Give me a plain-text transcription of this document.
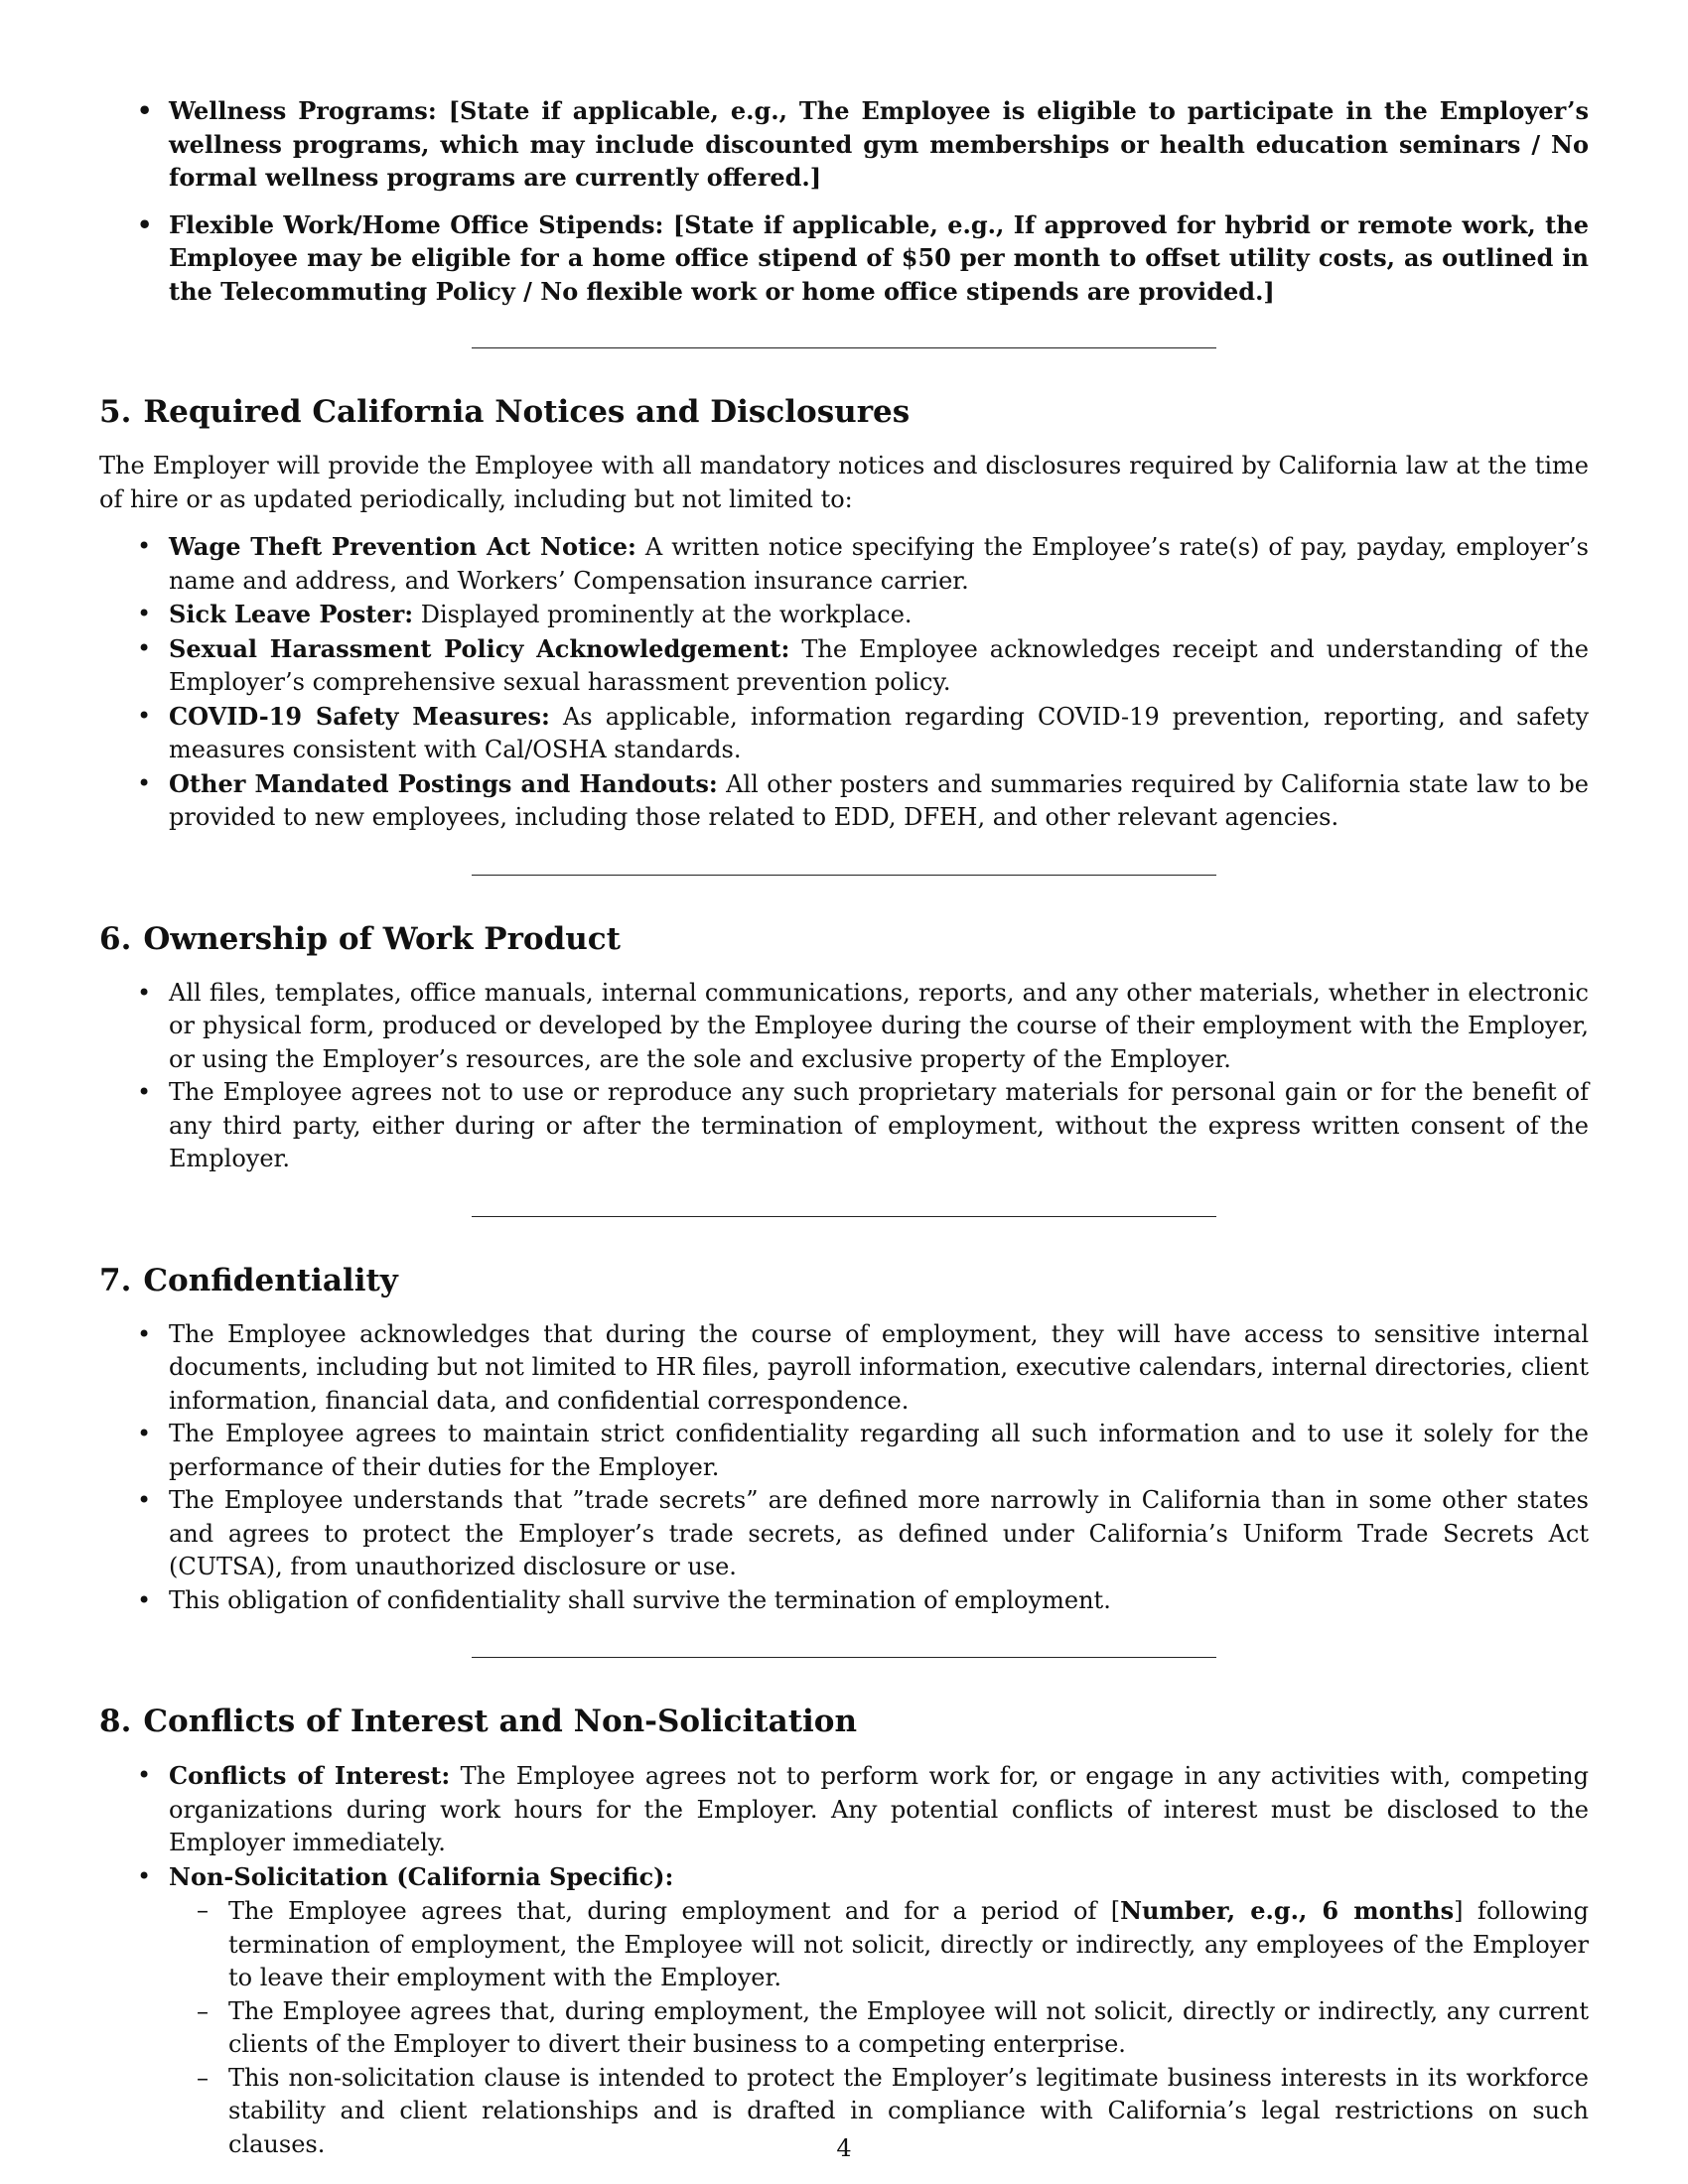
• Wellness Programs: [State if applicable, e.g., The Employee is eligible to participate in the Employer’s wellness programs, which may include discounted gym memberships or health education seminars / No formal wellness programs are currently offered.]
• Flexible Work/Home Office Stipends: [State if applicable, e.g., If approved for hybrid or remote work, the Employee may be eligible for a home office stipend of $50 per month to offset utility costs, as outlined in the Telecommuting Policy / No flexible work or home office stipends are provided.]
5. Required California Notices and Disclosures

The Employer will provide the Employee with all mandatory notices and disclosures required by California law at the time of hire or as updated periodically, including but not limited to:

• Wage Theft Prevention Act Notice: A written notice specifying the Employee’s rate(s) of pay, payday, employer’s name and address, and Workers’ Compensation insurance carrier.
• Sick Leave Poster: Displayed prominently at the workplace.
• Sexual Harassment Policy Acknowledgement: The Employee acknowledges receipt and understanding of the Employer’s comprehensive sexual harassment prevention policy.
• COVID-19 Safety Measures: As applicable, information regarding COVID-19 prevention, reporting, and safety measures consistent with Cal/OSHA standards.
• Other Mandated Postings and Handouts: All other posters and summaries required by California state law to be provided to new employees, including those related to EDD, DFEH, and other relevant agencies.
6. Ownership of Work Product
• All files, templates, office manuals, internal communications, reports, and any other materials, whether in electronic or physical form, produced or developed by the Employee during the course of their employment with the Employer, or using the Employer’s resources, are the sole and exclusive property of the Employer.
• The Employee agrees not to use or reproduce any such proprietary materials for personal gain or for the benefit of any third party, either during or after the termination of employment, without the express written consent of the Employer.
7. Confidentiality
• The Employee acknowledges that during the course of employment, they will have access to sensitive internal documents, including but not limited to HR files, payroll information, executive calendars, internal directories, client information, financial data, and confidential correspondence.
• The Employee agrees to maintain strict confidentiality regarding all such information and to use it solely for the performance of their duties for the Employer.
• The Employee understands that ”trade secrets” are defined more narrowly in California than in some other states and agrees to protect the Employer’s trade secrets, as defined under California’s Uniform Trade Secrets Act (CUTSA), from unauthorized disclosure or use.
• This obligation of confidentiality shall survive the termination of employment.
8. Conflicts of Interest and Non-Solicitation
• Conflicts of Interest: The Employee agrees not to perform work for, or engage in any activities with, competing organizations during work hours for the Employer. Any potential conflicts of interest must be disclosed to the Employer immediately.
• Non-Solicitation (California Specific):
– The Employee agrees that, during employment and for a period of [Number, e.g., 6 months] following termination of employment, the Employee will not solicit, directly or indirectly, any employees of the Employer to leave their employment with the Employer.
– The Employee agrees that, during employment, the Employee will not solicit, directly or indirectly, any current clients of the Employer to divert their business to a competing enterprise.
– This non-solicitation clause is intended to protect the Employer’s legitimate business interests in its workforce stability and client relationships and is drafted in compliance with California’s legal restrictions on such clauses.	4
